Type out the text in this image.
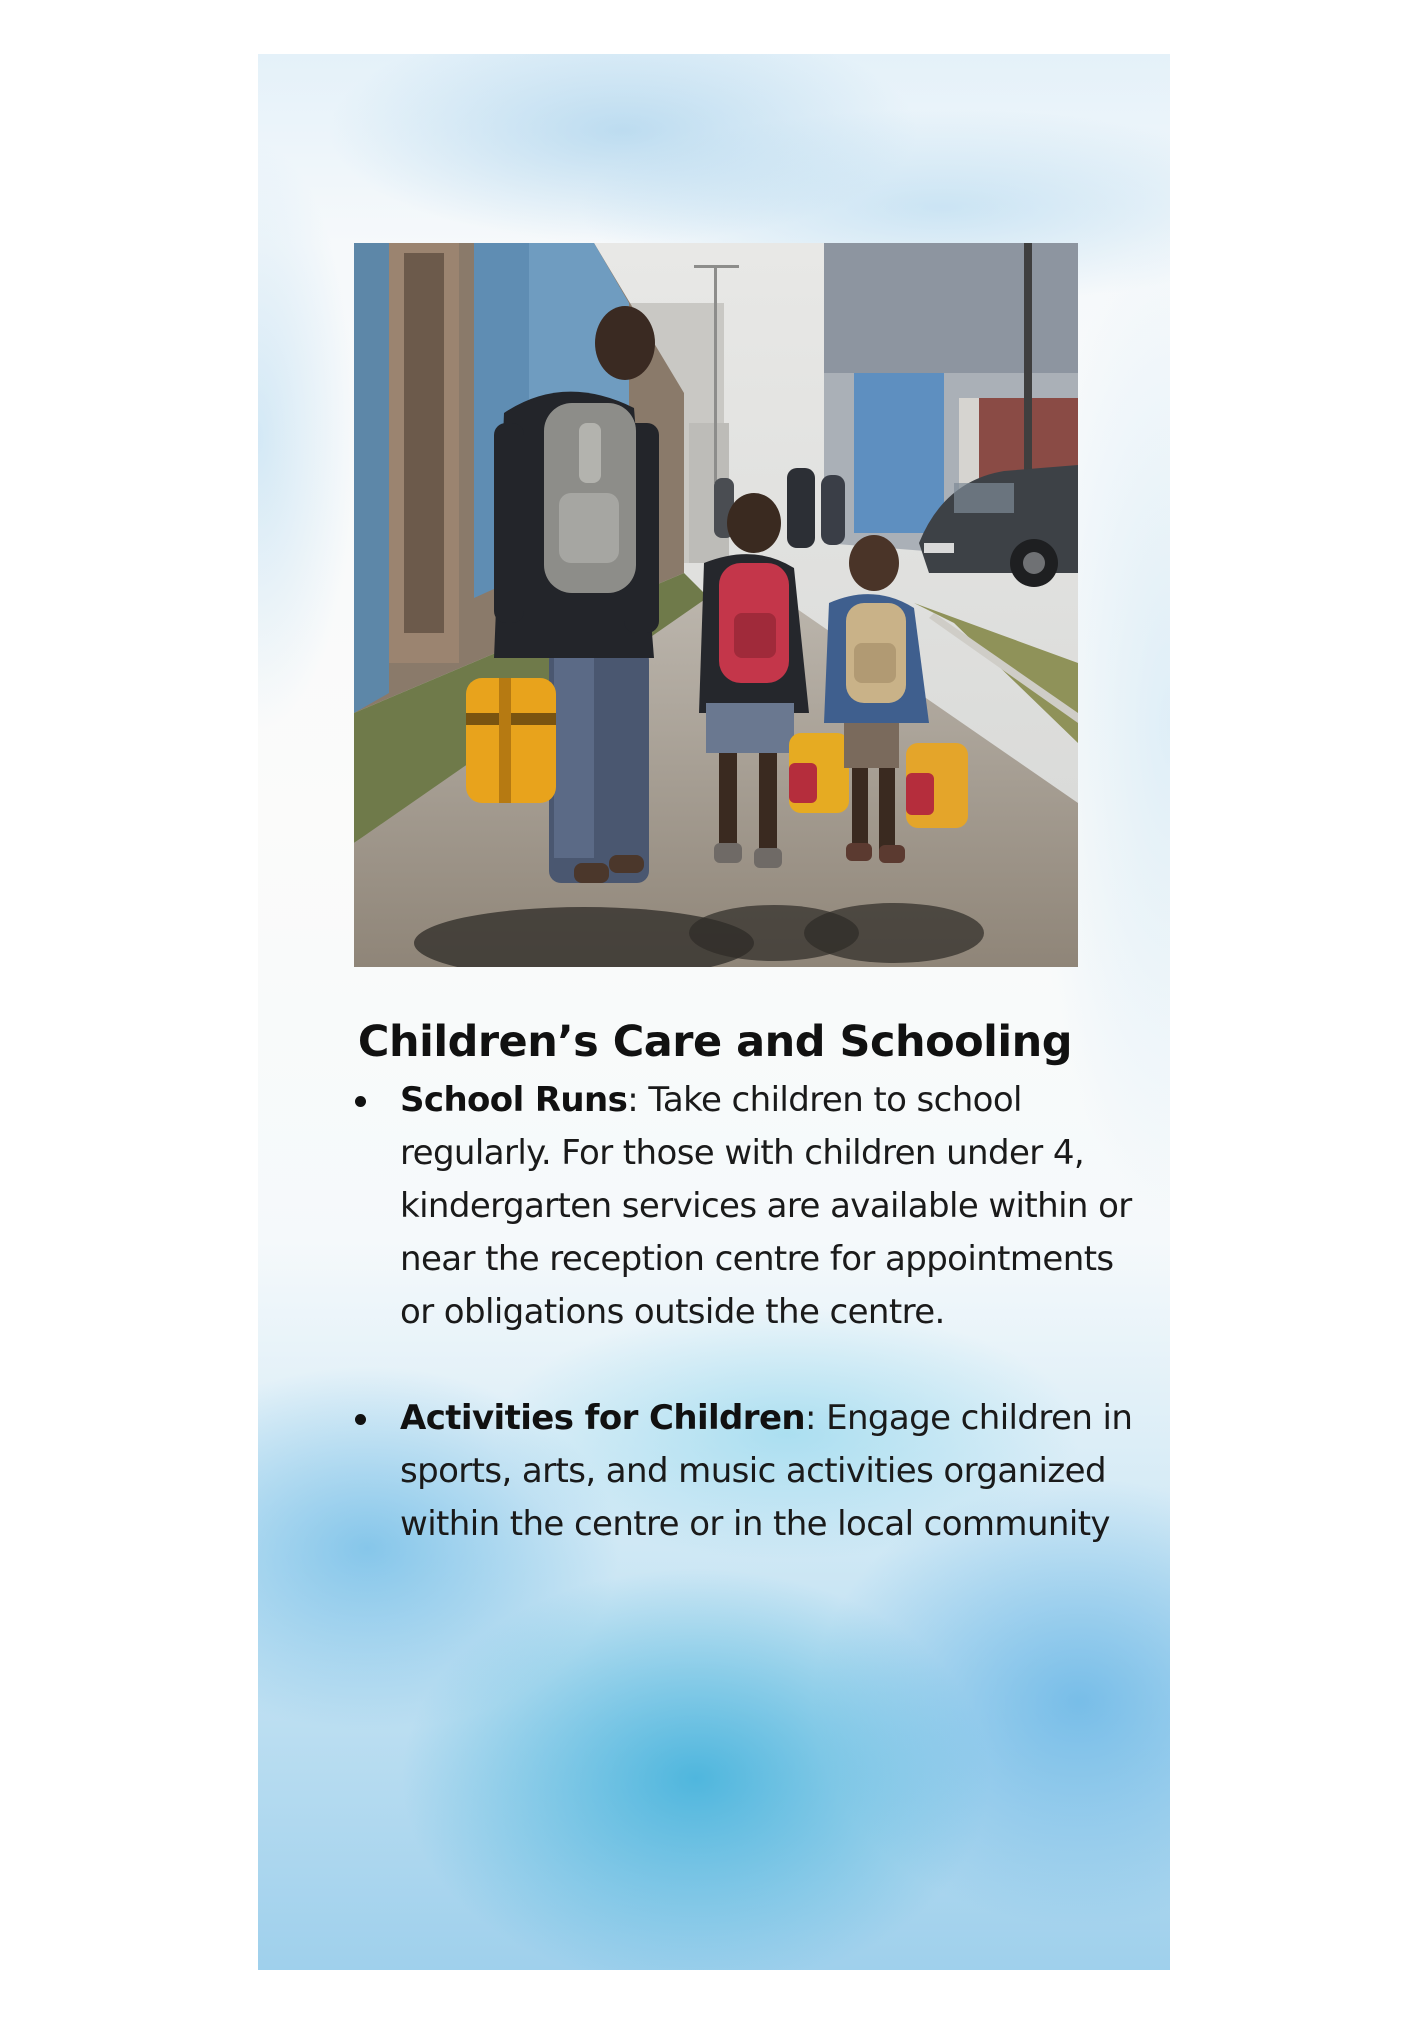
Children’s Care and Schooling
School Runs: Take children to school regularly. For those with children under 4, kindergarten services are available within or near the reception centre for appointments or obligations outside the centre.
Activities for Children: Engage children in sports, arts, and music activities organized within the centre or in the local community
